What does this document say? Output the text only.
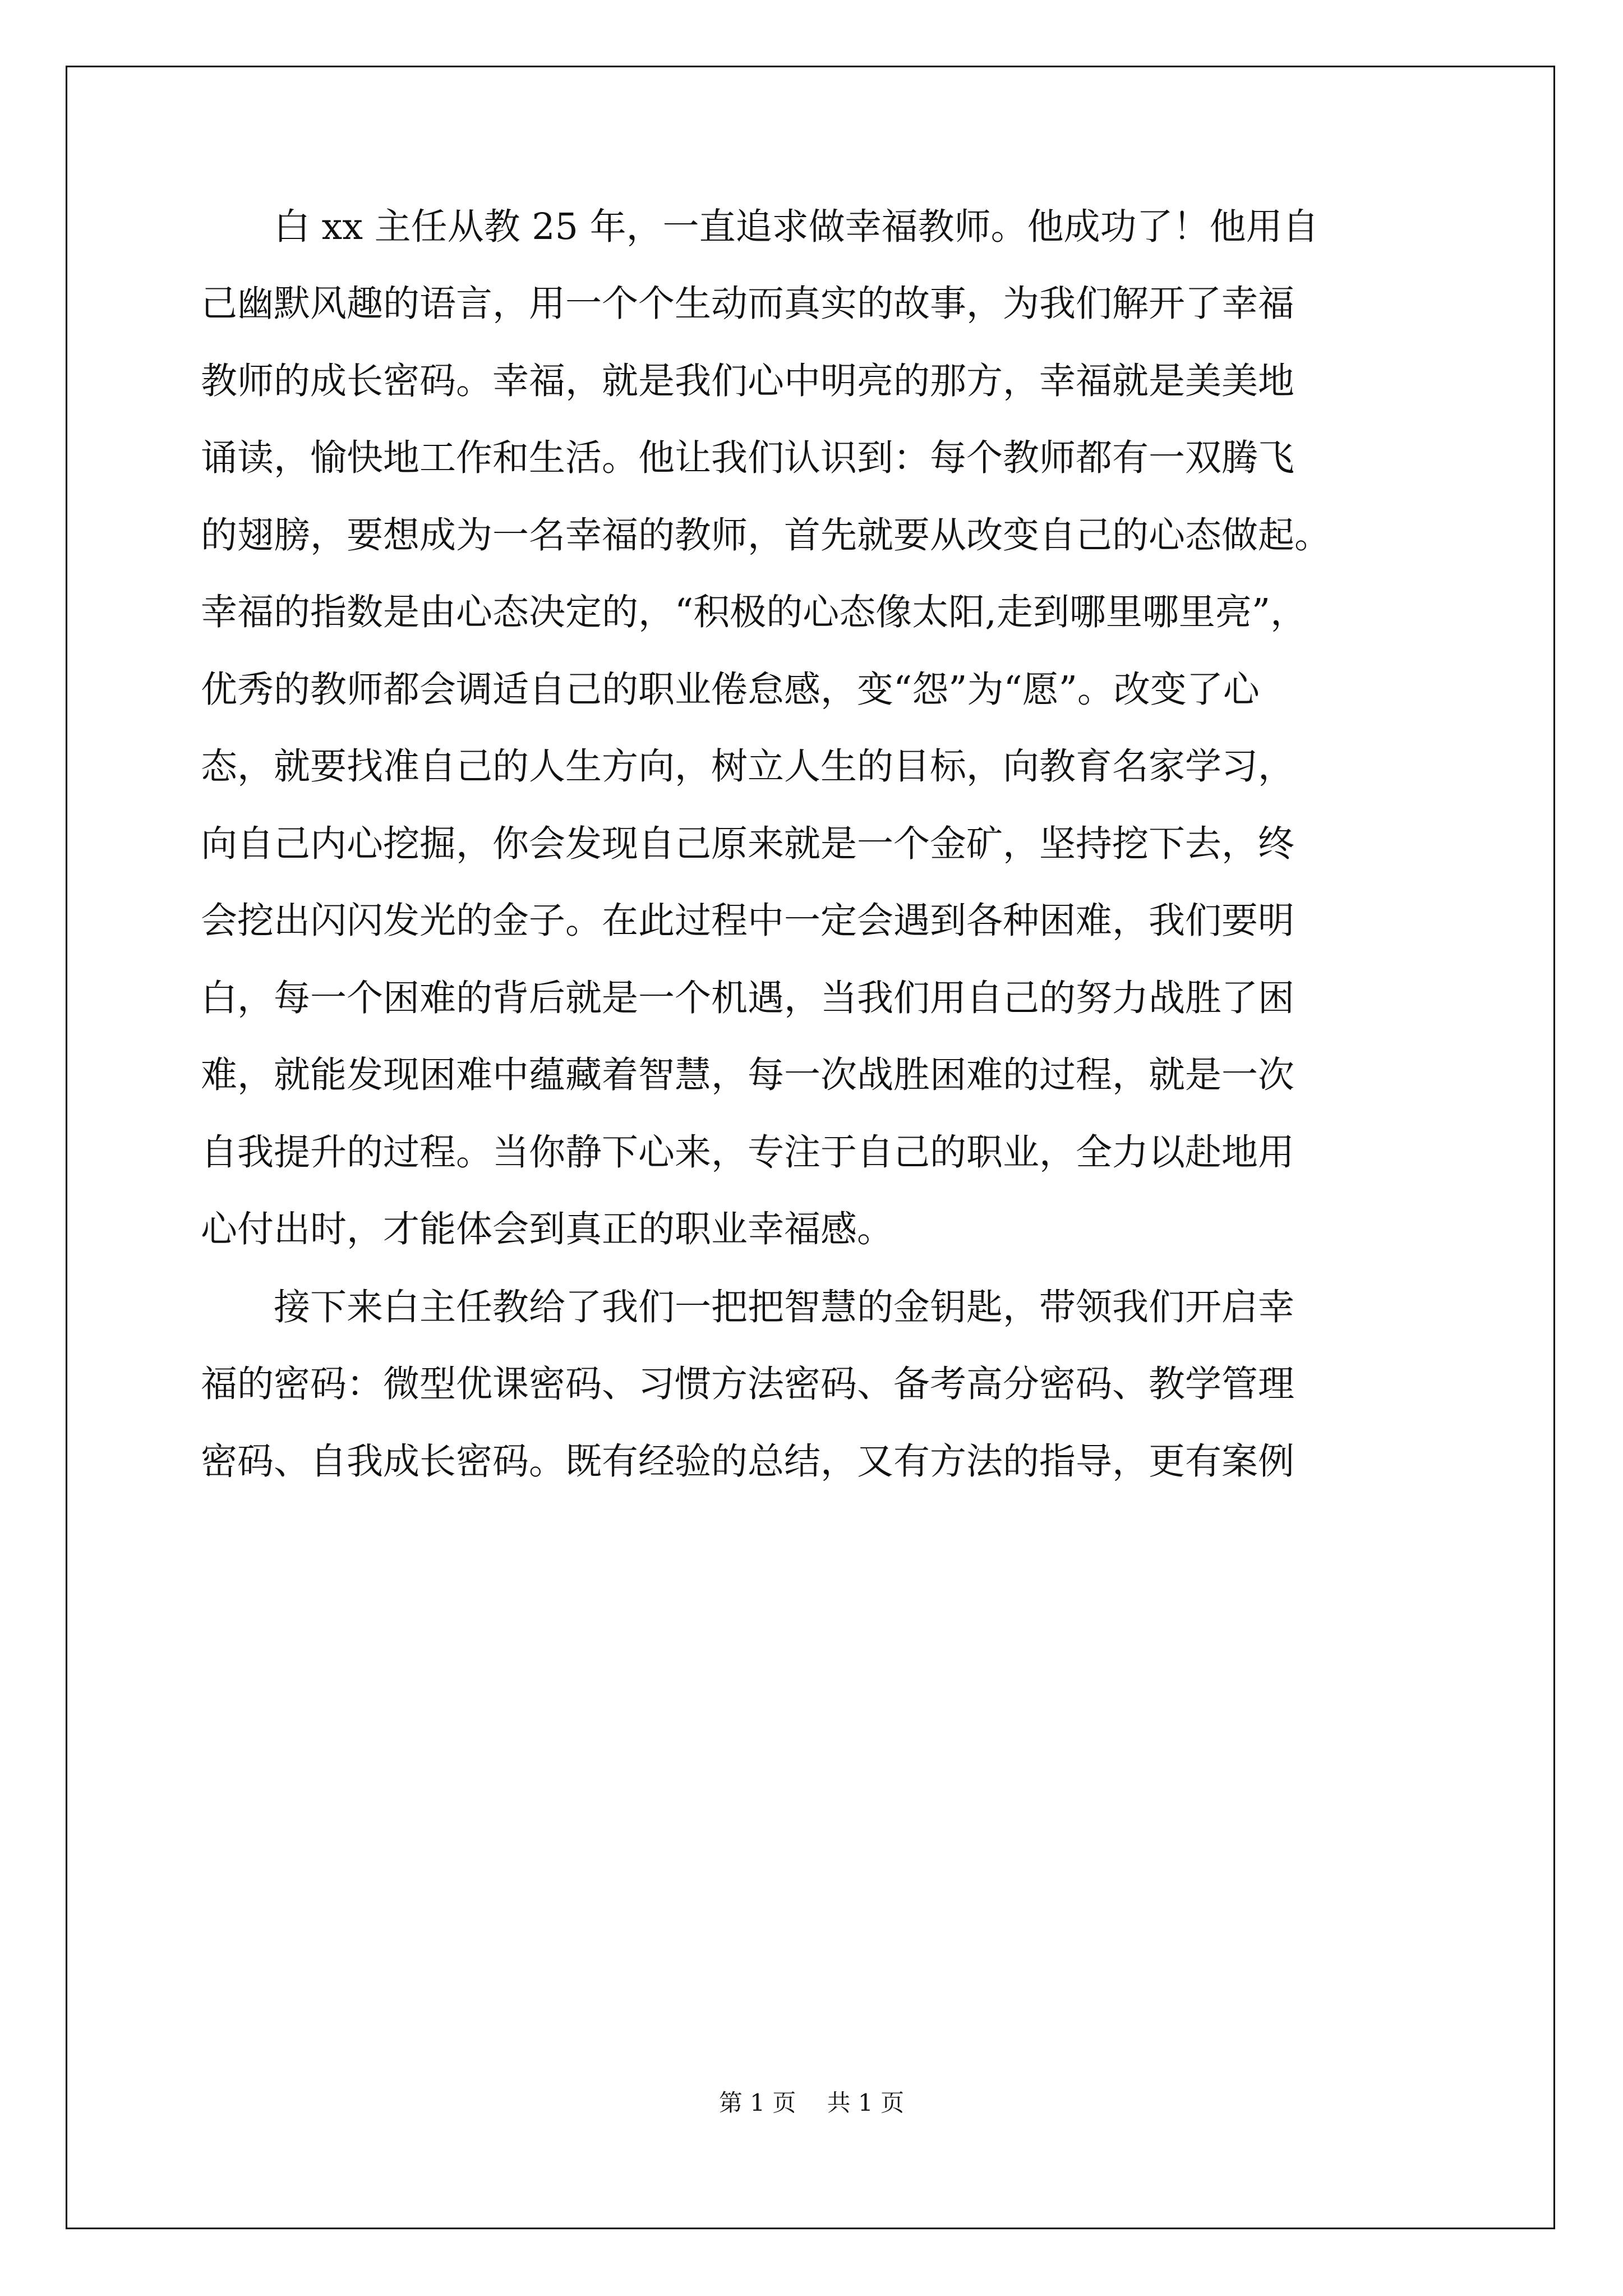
　　白 xx 主任从教 25 年，一直追求做幸福教师。他成功了！他用自
己幽默风趣的语言，用一个个生动而真实的故事，为我们解开了幸福
教师的成长密码。幸福，就是我们心中明亮的那方，幸福就是美美地
诵读，愉快地工作和生活。他让我们认识到：每个教师都有一双腾飞
的翅膀，要想成为一名幸福的教师，首先就要从改变自己的心态做起。
幸福的指数是由心态决定的，“积极的心态像太阳,走到哪里哪里亮”，
优秀的教师都会调适自己的职业倦怠感，变“怨”为“愿”。改变了心
态，就要找准自己的人生方向，树立人生的目标，向教育名家学习，
向自己内心挖掘，你会发现自己原来就是一个金矿，坚持挖下去，终
会挖出闪闪发光的金子。在此过程中一定会遇到各种困难，我们要明
白，每一个困难的背后就是一个机遇，当我们用自己的努力战胜了困
难，就能发现困难中蕴藏着智慧，每一次战胜困难的过程，就是一次
自我提升的过程。当你静下心来，专注于自己的职业，全力以赴地用
心付出时，才能体会到真正的职业幸福感。
　　接下来白主任教给了我们一把把智慧的金钥匙，带领我们开启幸
福的密码：微型优课密码、习惯方法密码、备考高分密码、教学管理
密码、自我成长密码。既有经验的总结，又有方法的指导，更有案例
第 1 页　 共 1 页
